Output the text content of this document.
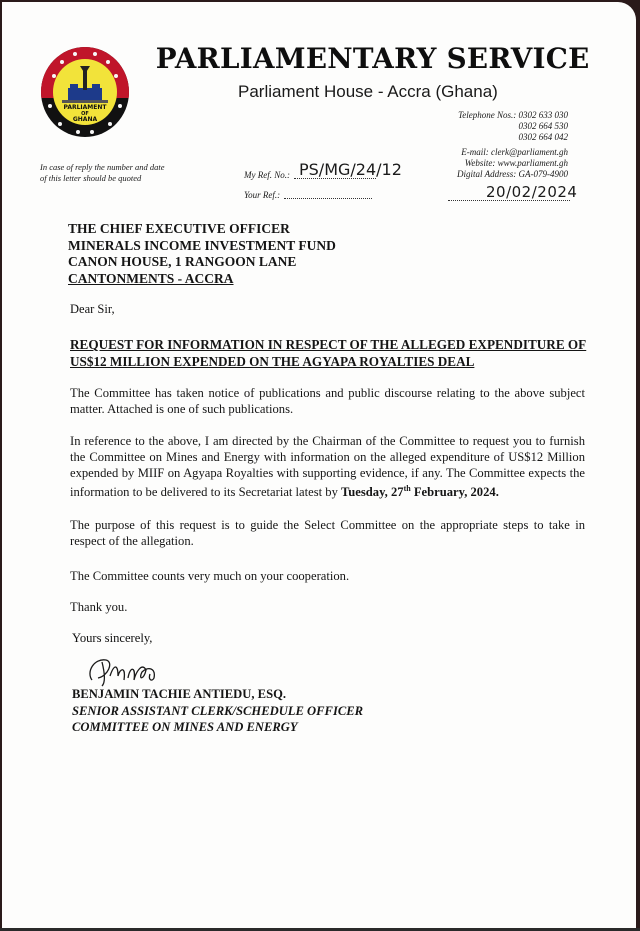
PARLIAMENT
OF
GHANA
PARLIAMENTARY SERVICE
Parliament House - Accra (Ghana)
Telephone Nos.: 0302 633 030
0302 664 530
0302 664 042
E-mail: clerk@parliament.gh
Website: www.parliament.gh
Digital Address: GA-079-4900
20/02/2024
In case of reply the number and date of this letter should be quoted	My Ref. No.: PS/MG/24/12
Your Ref.:
THE CHIEF EXECUTIVE OFFICER
MINERALS INCOME INVESTMENT FUND
CANON HOUSE, 1 RANGOON LANE
CANTONMENTS - ACCRA
Dear Sir,
REQUEST FOR INFORMATION IN RESPECT OF THE ALLEGED EXPENDITURE OF US$12 MILLION EXPENDED ON THE AGYAPA ROYALTIES DEAL
The Committee has taken notice of publications and public discourse relating to the above subject matter. Attached is one of such publications.
In reference to the above, I am directed by the Chairman of the Committee to request you to furnish the Committee on Mines and Energy with information on the alleged expenditure of US$12 Million expended by MIIF on Agyapa Royalties with supporting evidence, if any. The Committee expects the information to be delivered to its Secretariat latest by Tuesday, 27th February, 2024.
The purpose of this request is to guide the Select Committee on the appropriate steps to take in respect of the allegation.
The Committee counts very much on your cooperation.
Thank you.
Yours sincerely,
BENJAMIN TACHIE ANTIEDU, ESQ.
SENIOR ASSISTANT CLERK/SCHEDULE OFFICER
COMMITTEE ON MINES AND ENERGY
